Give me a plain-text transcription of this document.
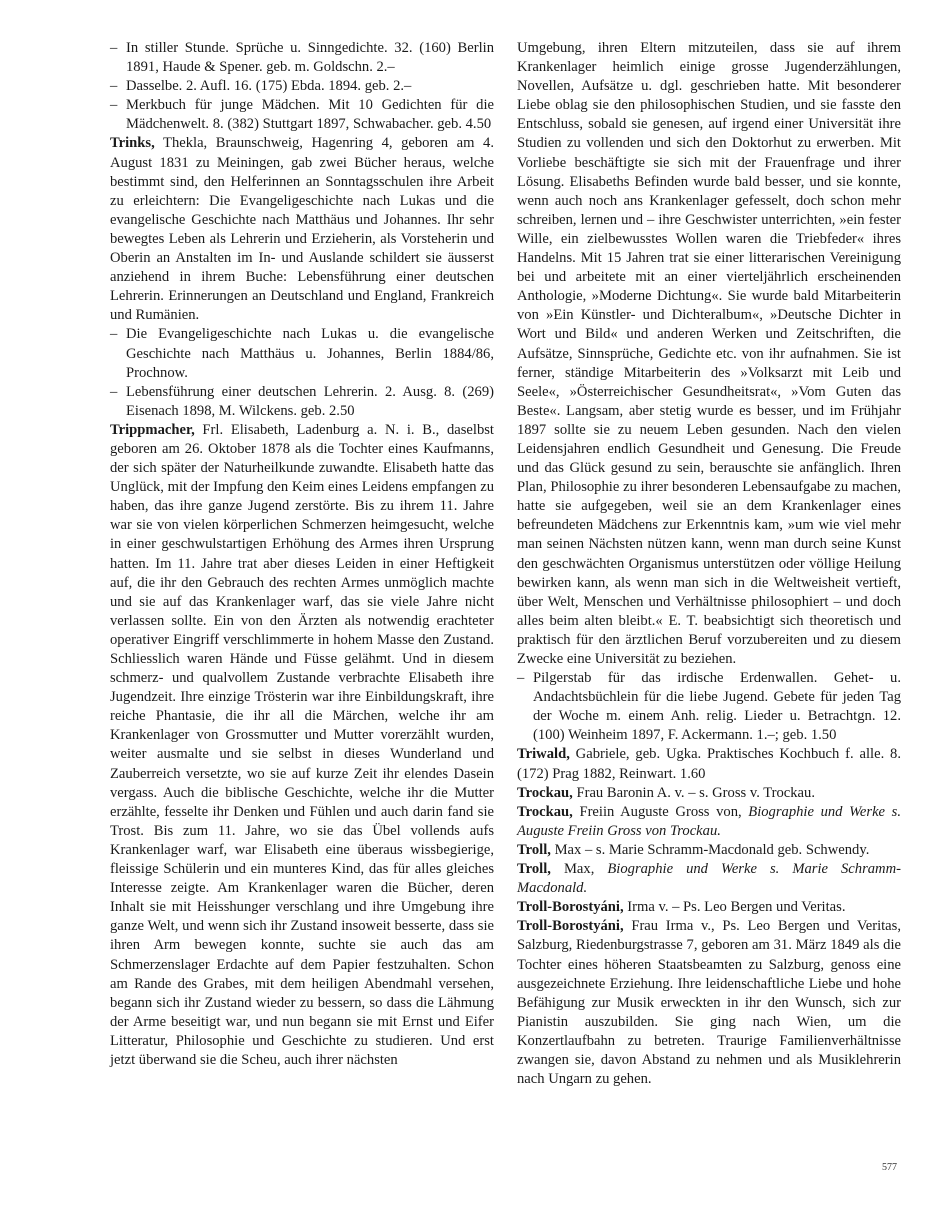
– In stiller Stunde. Sprüche u. Sinngedichte. 32. (160) Berlin 1891, Haude & Spener. geb. m. Goldschn. 2.–

– Dasselbe. 2. Aufl. 16. (175) Ebda. 1894. geb. 2.–

– Merkbuch für junge Mädchen. Mit 10 Gedichten für die Mädchenwelt. 8. (382) Stuttgart 1897, Schwabacher. geb. 4.50

Trinks, Thekla, Braunschweig, Hagenring 4, geboren am 4. August 1831 zu Meiningen, gab zwei Bücher heraus, welche bestimmt sind, den Helferinnen an Sonntagsschulen ihre Arbeit zu erleichtern: Die Evangeligeschichte nach Lukas und die evangelische Geschichte nach Matthäus und Johannes. Ihr sehr bewegtes Leben als Lehrerin und Erzieherin, als Vorsteherin und Oberin an Anstalten im In- und Auslande schildert sie äusserst anziehend in ihrem Buche: Lebensführung einer deutschen Lehrerin. Erinnerungen an Deutschland und England, Frankreich und Rumänien.

– Die Evangeligeschichte nach Lukas u. die evangelische Geschichte nach Matthäus u. Johannes, Berlin 1884/86, Prochnow.

– Lebensführung einer deutschen Lehrerin. 2. Ausg. 8. (269) Eisenach 1898, M. Wilckens. geb. 2.50

Trippmacher, Frl. Elisabeth, Ladenburg a. N. i. B., daselbst geboren am 26. Oktober 1878 als die Tochter eines Kaufmanns, der sich später der Naturheilkunde zuwandte. Elisabeth hatte das Unglück, mit der Impfung den Keim eines Leidens empfangen zu haben, das ihre ganze Jugend zerstörte. Bis zu ihrem 11. Jahre war sie von vielen körperlichen Schmerzen heimgesucht, welche in einer geschwulstartigen Erhöhung des Armes ihren Ursprung hatten. Im 11. Jahre trat aber dieses Leiden in einer Heftigkeit auf, die ihr den Gebrauch des rechten Armes unmöglich machte und sie auf das Krankenlager warf, das sie viele Jahre nicht verlassen sollte. Ein von den Ärzten als notwendig erachteter operativer Eingriff verschlimmerte in hohem Masse den Zustand. Schliesslich waren Hände und Füsse gelähmt. Und in diesem schmerz- und qualvollem Zustande verbrachte Elisabeth ihre Jugendzeit. Ihre einzige Trösterin war ihre Einbildungskraft, ihre reiche Phantasie, die ihr all die Märchen, welche ihr am Krankenlager von Grossmutter und Mutter vorerzählt wurden, weiter ausmalte und sie selbst in dieses Wunderland und Zauberreich versetzte, wo sie auf kurze Zeit ihr elendes Dasein vergass. Auch die biblische Geschichte, welche ihr die Mutter erzählte, fesselte ihr Denken und Fühlen und auch darin fand sie Trost. Bis zum 11. Jahre, wo sie das Übel vollends aufs Krankenlager warf, war Elisabeth eine überaus wissbegierige, fleissige Schülerin und ein munteres Kind, das für alles gleiches Interesse zeigte. Am Krankenlager waren die Bücher, deren Inhalt sie mit Heisshunger verschlang und ihre Umgebung ihre ganze Welt, und wenn sich ihr Zustand insoweit besserte, dass sie ihren Arm bewegen konnte, suchte sie auch das am Schmerzenslager Erdachte auf dem Papier festzuhalten. Schon am Rande des Grabes, mit dem heiligen Abendmahl versehen, begann sich ihr Zustand wieder zu bessern, so dass die Lähmung der Arme beseitigt war, und nun begann sie mit Ernst und Eifer Litteratur, Philosophie und Geschichte zu studieren. Und erst jetzt überwand sie die Scheu, auch ihrer nächsten

Umgebung, ihren Eltern mitzuteilen, dass sie auf ihrem Krankenlager heimlich einige grosse Jugenderzählungen, Novellen, Aufsätze u. dgl. geschrieben hatte. Mit besonderer Liebe oblag sie den philosophischen Studien, und sie fasste den Entschluss, sobald sie genesen, auf irgend einer Universität ihre Studien zu vollenden und sich den Doktorhut zu erwerben. Mit Vorliebe beschäftigte sie sich mit der Frauenfrage und ihrer Lösung. Elisabeths Befinden wurde bald besser, und sie konnte, wenn auch noch ans Krankenlager gefesselt, doch schon mehr schreiben, lernen und – ihre Geschwister unterrichten, »ein fester Wille, ein zielbewusstes Wollen waren die Triebfeder« ihres Handelns. Mit 15 Jahren trat sie einer litterarischen Vereinigung bei und arbeitete mit an einer vierteljährlich erscheinenden Anthologie, »Moderne Dichtung«. Sie wurde bald Mitarbeiterin von »Ein Künstler- und Dichteralbum«, »Deutsche Dichter in Wort und Bild« und anderen Werken und Zeitschriften, die Aufsätze, Sinnsprüche, Gedichte etc. von ihr aufnahmen. Sie ist ferner, ständige Mitarbeiterin des »Volksarzt mit Leib und Seele«, »Österreichischer Gesundheitsrat«, »Vom Guten das Beste«. Langsam, aber stetig wurde es besser, und im Frühjahr 1897 sollte sie zu neuem Leben gesunden. Nach den vielen Leidensjahren endlich Gesundheit und Genesung. Die Freude und das Glück gesund zu sein, berauschte sie anfänglich. Ihren Plan, Philosophie zu ihrer besonderen Lebensaufgabe zu machen, hatte sie aufgegeben, weil sie an dem Krankenlager eines befreundeten Mädchens zur Erkenntnis kam, »um wie viel mehr man seinen Nächsten nützen kann, wenn man durch seine Kunst den geschwächten Organismus unterstützen oder völlige Heilung bewirken kann, als wenn man sich in die Weltweisheit vertieft, über Welt, Menschen und Verhältnisse philosophiert – und doch alles beim alten bleibt.« E. T. beabsichtigt sich theoretisch und praktisch für den ärztlichen Beruf vorzubereiten und zu diesem Zwecke eine Universität zu beziehen.

– Pilgerstab für das irdische Erdenwallen. Gehet- u. Andachtsbüchlein für die liebe Jugend. Gebete für jeden Tag der Woche m. einem Anh. relig. Lieder u. Betrachtgn. 12. (100) Weinheim 1897, F. Ackermann. 1.–; geb. 1.50

Triwald, Gabriele, geb. Ugka. Praktisches Kochbuch f. alle. 8. (172) Prag 1882, Reinwart. 1.60

Trockau, Frau Baronin A. v. – s. Gross v. Trockau.

Trockau, Freiin Auguste Gross von, Biographie und Werke s. Auguste Freiin Gross von Trockau.

Troll, Max – s. Marie Schramm-Macdonald geb. Schwendy.

Troll, Max, Biographie und Werke s. Marie Schramm-Macdonald.

Troll-Borostyáni, Irma v. – Ps. Leo Bergen und Veritas.

Troll-Borostyáni, Frau Irma v., Ps. Leo Bergen und Veritas, Salzburg, Riedenburgstrasse 7, geboren am 31. März 1849 als die Tochter eines höheren Staatsbeamten zu Salzburg, genoss eine ausgezeichnete Erziehung. Ihre leidenschaftliche Liebe und hohe Befähigung zur Musik erweckten in ihr den Wunsch, sich zur Pianistin auszubilden. Sie ging nach Wien, um die Konzertlaufbahn zu betreten. Traurige Familienverhältnisse zwangen sie, davon Abstand zu nehmen und als Musiklehrerin nach Ungarn zu gehen.

577
